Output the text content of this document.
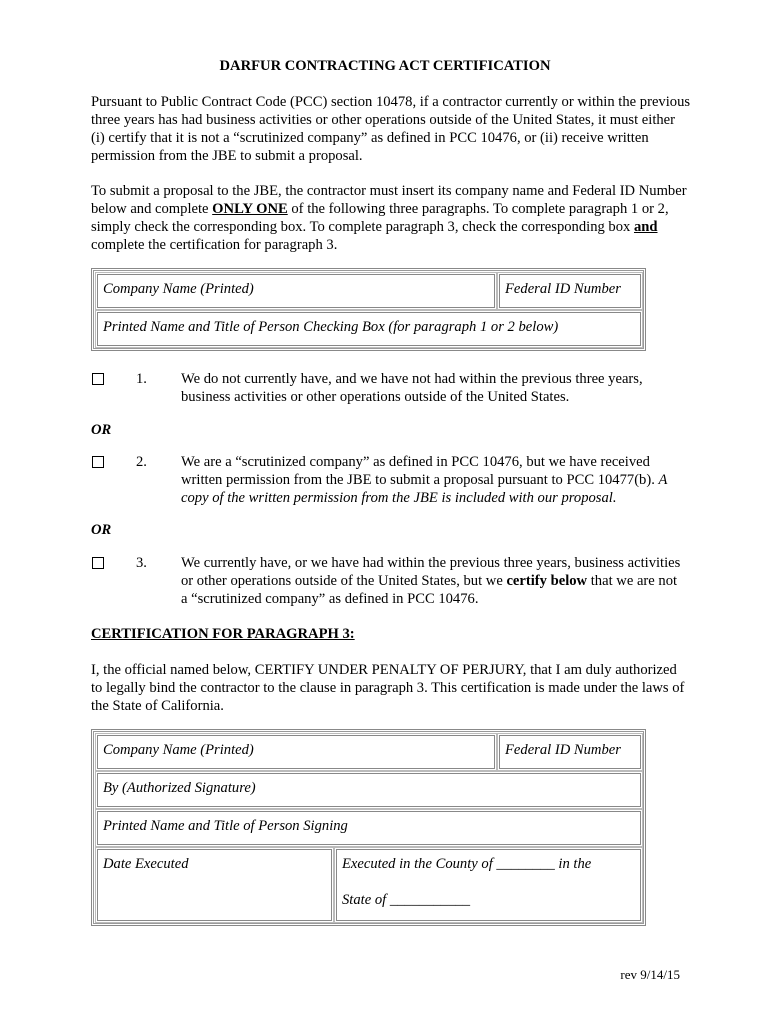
DARFUR CONTRACTING ACT CERTIFICATION
Pursuant to Public Contract Code (PCC) section 10478, if a contractor currently or within the previous three years has had business activities or other operations outside of the United States, it must either (i) certify that it is not a “scrutinized company” as defined in PCC 10476, or (ii) receive written permission from the JBE to submit a proposal.
To submit a proposal to the JBE, the contractor must insert its company name and Federal ID Number below and complete ONLY ONE of the following three paragraphs. To complete paragraph 1 or 2, simply check the corresponding box. To complete paragraph 3, check the corresponding box and complete the certification for paragraph 3.
Company Name (Printed)	Federal ID Number
Printed Name and Title of Person Checking Box (for paragraph 1 or 2 below)
1. We do not currently have, and we have not had within the previous three years, business activities or other operations outside of the United States.
OR
2. We are a “scrutinized company” as defined in PCC 10476, but we have received written permission from the JBE to submit a proposal pursuant to PCC 10477(b). A copy of the written permission from the JBE is included with our proposal.
OR
3. We currently have, or we have had within the previous three years, business activities or other operations outside of the United States, but we certify below that we are not a “scrutinized company” as defined in PCC 10476.
CERTIFICATION FOR PARAGRAPH 3:
I, the official named below, CERTIFY UNDER PENALTY OF PERJURY, that I am duly authorized to legally bind the contractor to the clause in paragraph 3. This certification is made under the laws of the State of California.
Company Name (Printed)	Federal ID Number
By (Authorized Signature)
Printed Name and Title of Person Signing
Date Executed	Executed in the County of ________ in the
State of ___________
rev 9/14/15
